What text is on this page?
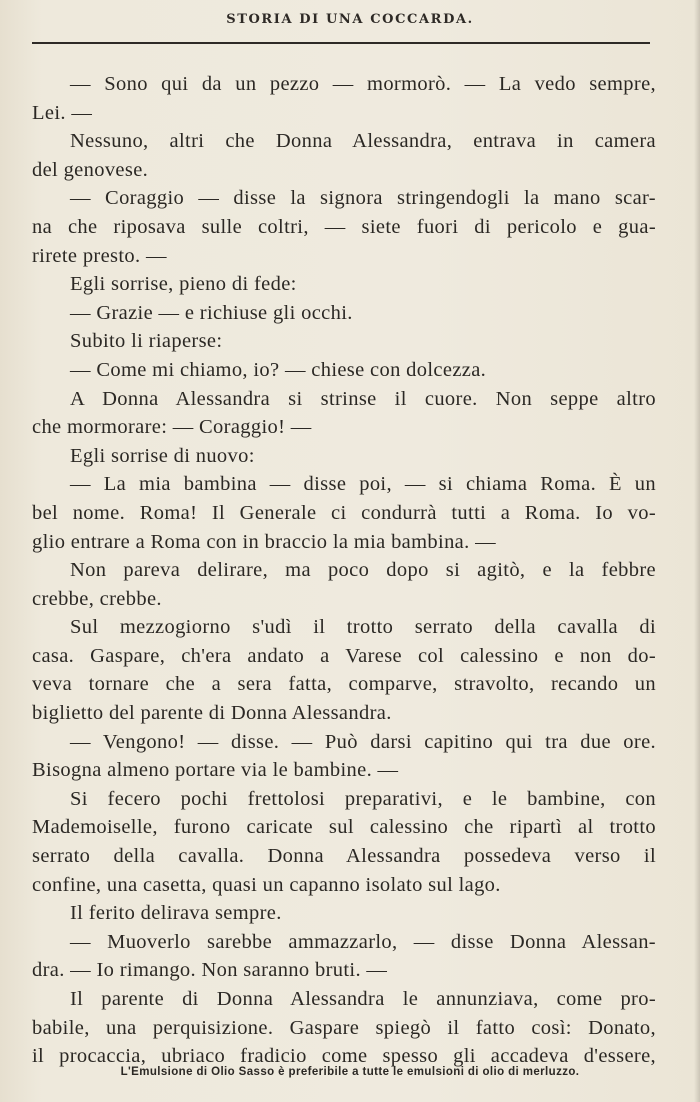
STORIA DI UNA COCCARDA.
— Sono qui da un pezzo — mormorò. — La vedo sempre,
Lei. —
Nessuno, altri che Donna Alessandra, entrava in camera
del genovese.
— Coraggio — disse la signora stringendogli la mano scar-
na che riposava sulle coltri, — siete fuori di pericolo e gua-
rirete presto. —
Egli sorrise, pieno di fede:
— Grazie — e richiuse gli occhi.
Subito li riaperse:
— Come mi chiamo, io? — chiese con dolcezza.
A Donna Alessandra si strinse il cuore. Non seppe altro
che mormorare: — Coraggio! —
Egli sorrise di nuovo:
— La mia bambina — disse poi, — si chiama Roma. È un
bel nome. Roma! Il Generale ci condurrà tutti a Roma. Io vo-
glio entrare a Roma con in braccio la mia bambina. —
Non pareva delirare, ma poco dopo si agitò, e la febbre
crebbe, crebbe.
Sul mezzogiorno s'udì il trotto serrato della cavalla di
casa. Gaspare, ch'era andato a Varese col calessino e non do-
veva tornare che a sera fatta, comparve, stravolto, recando un
biglietto del parente di Donna Alessandra.
— Vengono! — disse. — Può darsi capitino qui tra due ore.
Bisogna almeno portare via le bambine. —
Si fecero pochi frettolosi preparativi, e le bambine, con
Mademoiselle, furono caricate sul calessino che ripartì al trotto
serrato della cavalla. Donna Alessandra possedeva verso il
confine, una casetta, quasi un capanno isolato sul lago.
Il ferito delirava sempre.
— Muoverlo sarebbe ammazzarlo, — disse Donna Alessan-
dra. — Io rimango. Non saranno bruti. —
Il parente di Donna Alessandra le annunziava, come pro-
babile, una perquisizione. Gaspare spiegò il fatto così: Donato,
il procaccia, ubriaco fradicio come spesso gli accadeva d'essere,
L'Emulsione di Olio Sasso è preferibile a tutte le emulsioni di olio di merluzzo.
